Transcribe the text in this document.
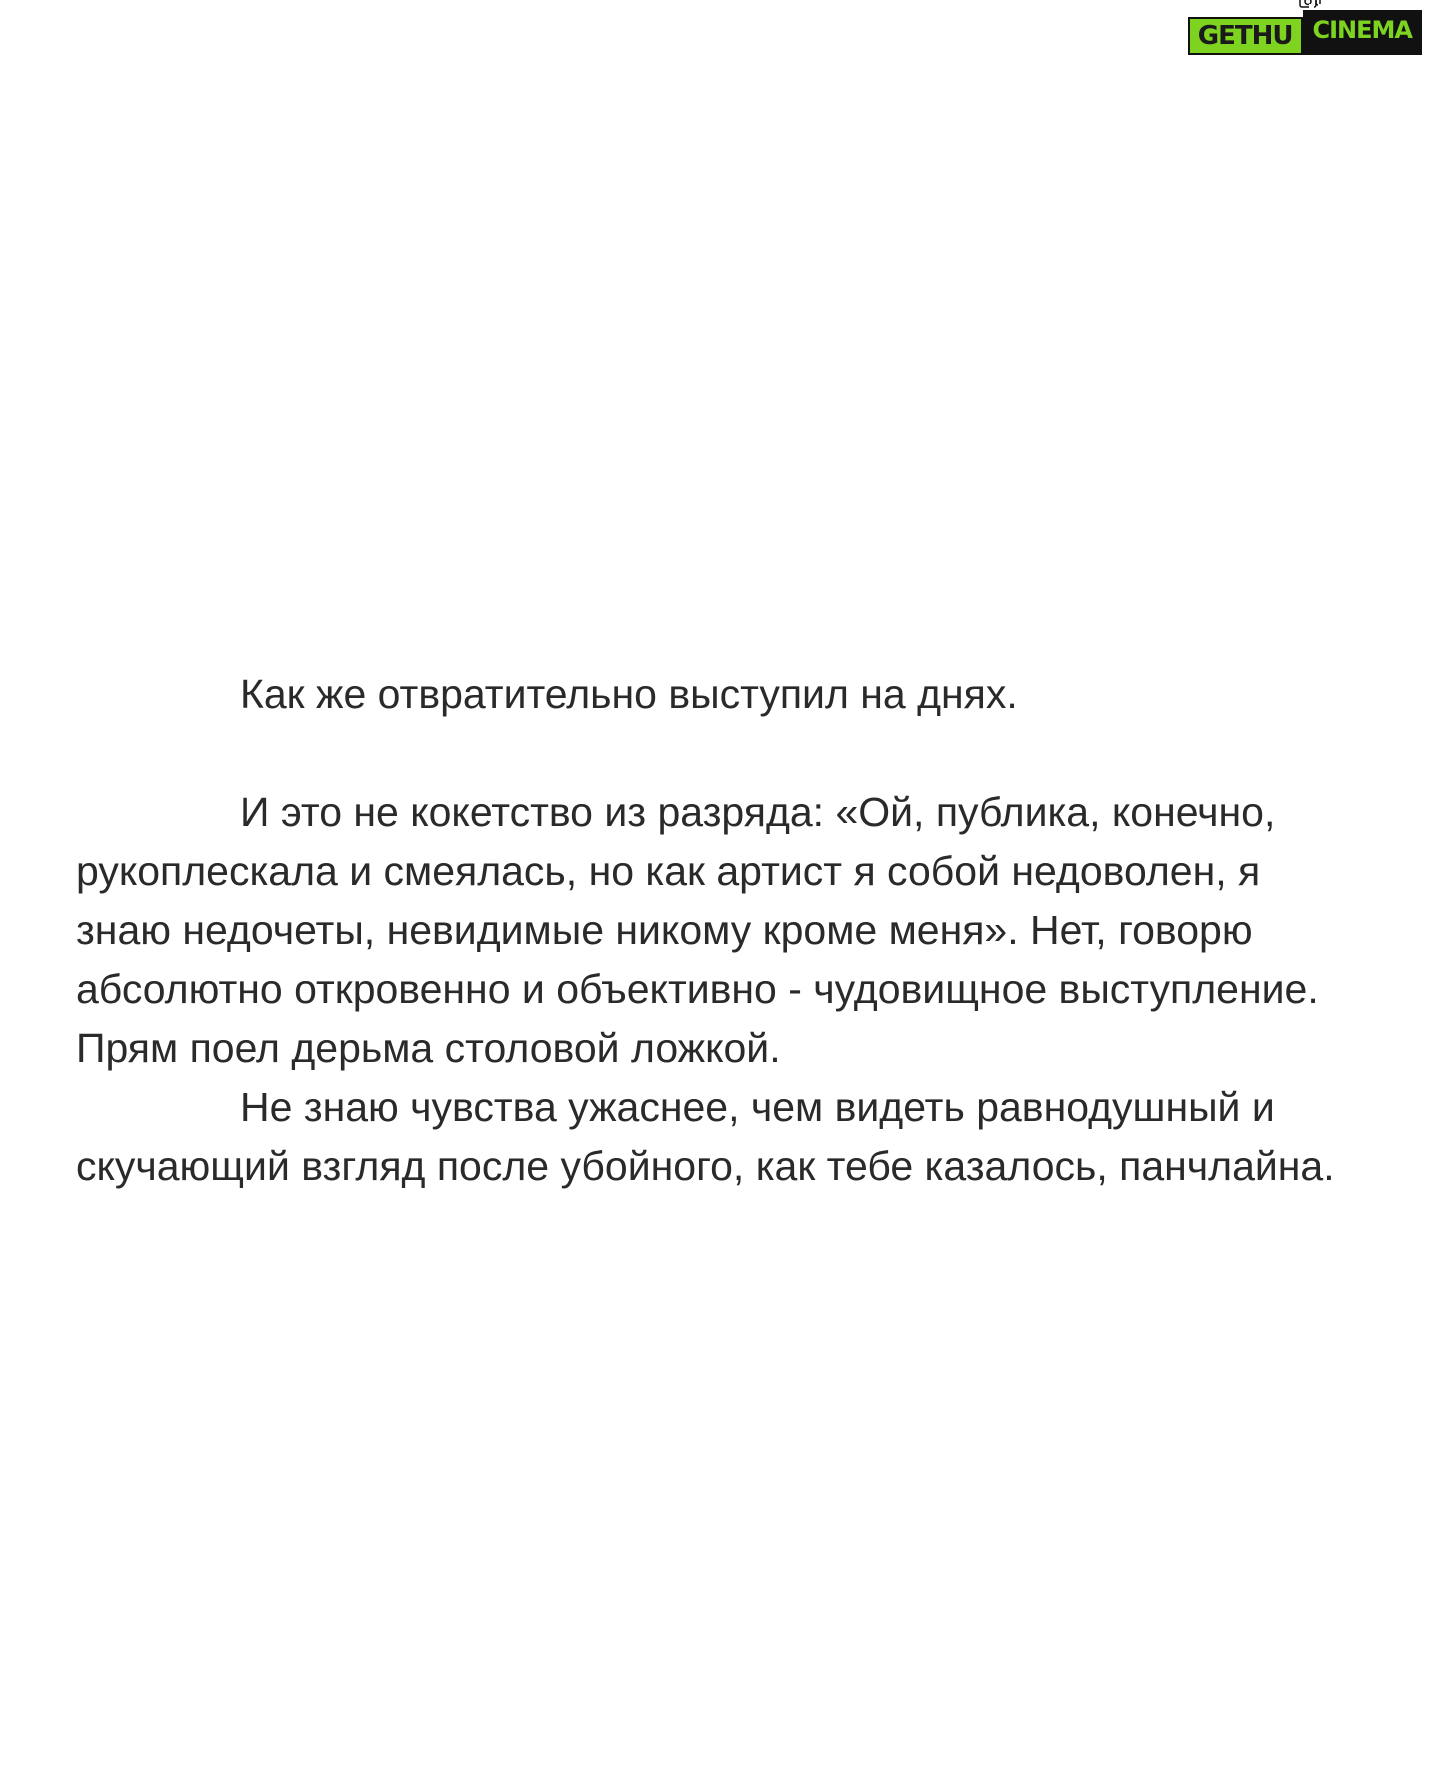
GETHU CINEMA

Как же отвратительно выступил на днях.

И это не кокетство из разряда: «Ой, публика, конечно, рукоплескала и смеялась, но как артист я собой недоволен, я знаю недочеты, невидимые никому кроме меня». Нет, говорю абсолютно откровенно и объективно - чудовищное выступление. Прям поел дерьма столовой ложкой.

Не знаю чувства ужаснее, чем видеть равнодушный и скучающий взгляд после убойного, как тебе казалось, панчлайна.
